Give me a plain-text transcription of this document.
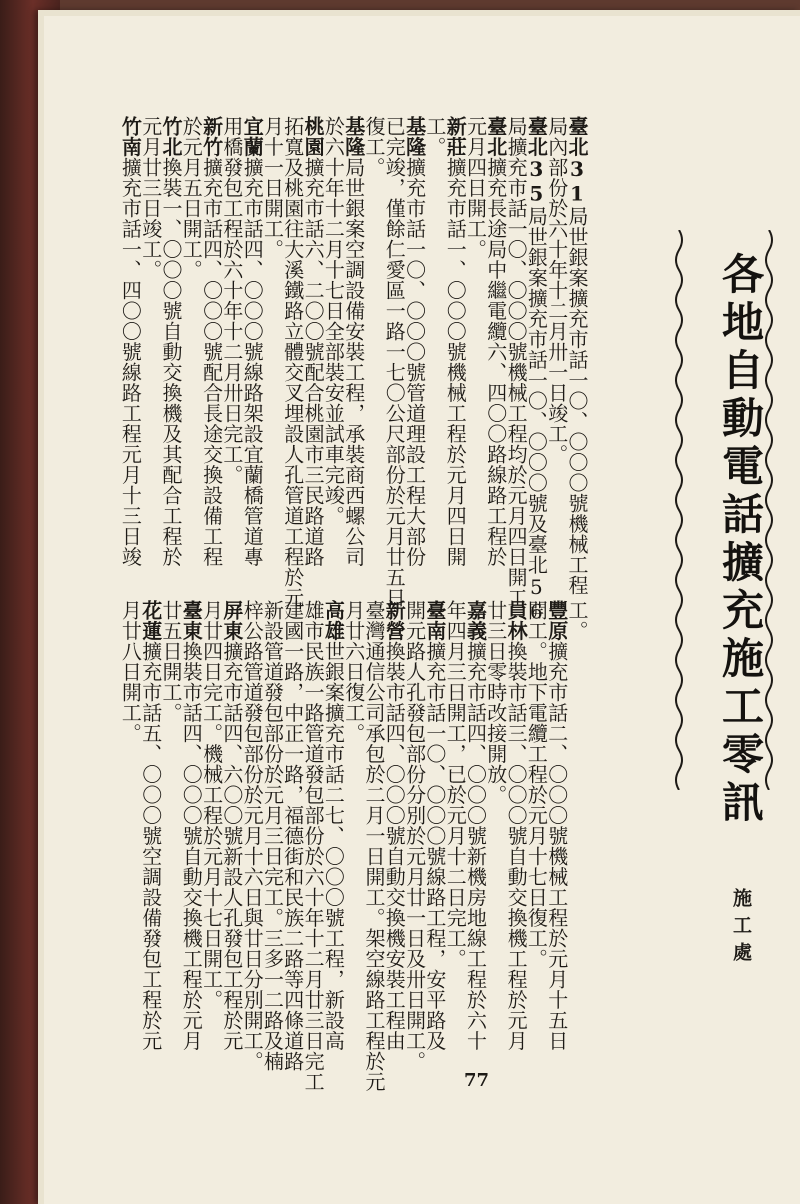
各地自動電話擴充施工零訊
施工處

臺北31局世銀案擴充市話一〇、〇〇〇號機械工程

局內部份於六十年十二月卅一日竣工。

臺北35局世銀案擴充市話一〇、〇〇〇號及臺北56

局擴充市話一〇、〇〇〇號機械工程均於元月四日開工

臺北擴充長途局中繼電纜六、四〇〇路線路工程於

元月四日開工。

新莊擴充市話一、〇〇〇號機械工程於元月四日開

工。

基隆擴充市話一〇、〇〇〇號管道理設工程大部份

已完竣，僅餘仁愛區一路一七〇公尺部份於元月廿五日

復工。

基隆局世銀案空調設備安裝工程，承裝商西螺公司

於六十年十二月十七日全部裝安並試車完竣。

桃園擴充市話六、二〇〇號配合桃園市三民路道路

拓寬及桃園往大溪鐵路立體交叉埋設人孔管道工程於元

月十一日開工。

宜蘭擴充市話四、〇〇〇號線路架設宜蘭橋管道專

用橋發包工程於六十年十二月卅日完工。

新竹擴充市話四、〇〇〇號配合長途交換設備工程

於元月五日開工。

竹北換裝一、〇〇〇號自動交換機及其配合工程於

元月廿三日竣工。

竹南擴充市話一、四〇〇號線路工程元月十三日竣

工。

豐原擴充市話二、〇〇〇號機械工程於元月十五日

開工。地下電纜工程於元月十七日復工。

員林換裝市話三、〇〇〇號自動交換機工程於元月

廿三日零時改接開放。

嘉義擴充市話四、〇〇〇號新機房地線工程於六十

年四月三日開工，已於元月十二日完工。

臺南擴充市話一〇、〇〇〇號線路工程，安平路及

開元路人孔發包部份分別於元月廿一日及卅日開工。

新營換裝市話四、〇〇〇號自動交換機安裝工程由

臺灣通信公司承包於二月一日開工。架空線路工程於元

月廿六日復工。

高雄世銀案擴充市話二七、〇〇〇號工程，新設高

雄市民族一路管道發包部份於六十年十二月廿三日完工

建國一路，中正一路，福德街和民族二路等四條道路

新設管道發包部份於元月三日完工。三多一二路及楠

梓公路管道發包部份於元月十六日與廿日分別開工。

屏東擴充市話四、六〇〇號新設人孔發包工程於元

月廿四日完工。機械工程於元月十七日開工。

臺東換裝市話四、〇〇〇號自動交換機工程於元月

廿五日開工。

花蓮擴充市話五、〇〇〇號空調設備發包工程於元

月廿八日開工。

77
